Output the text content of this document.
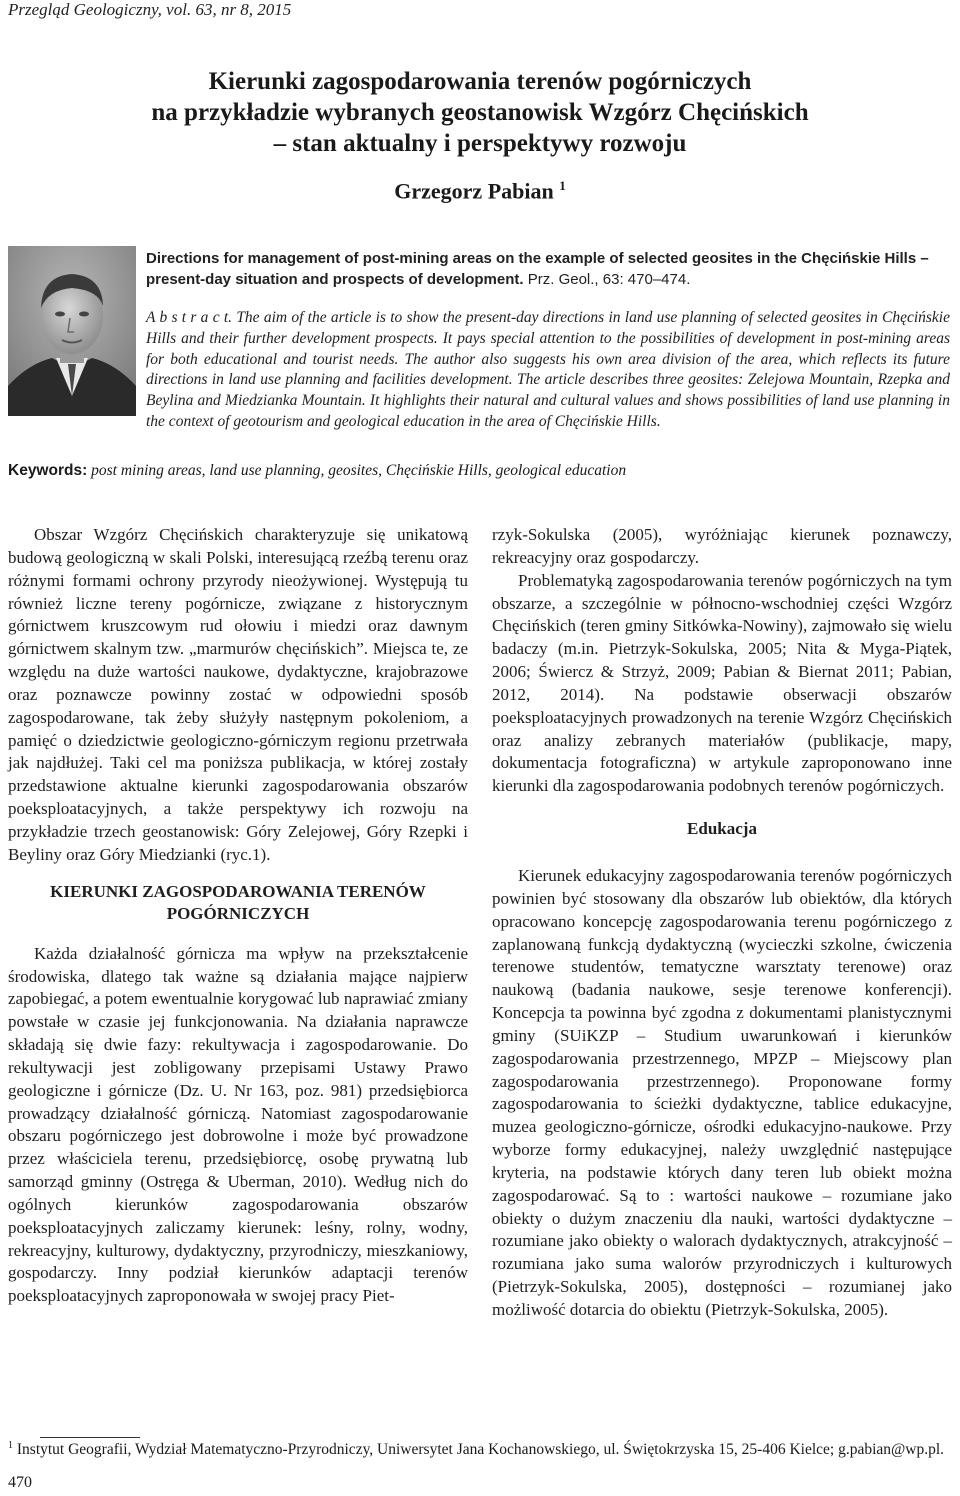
Przegląd Geologiczny, vol. 63, nr 8, 2015
Kierunki zagospodarowania terenów pogórniczych
na przykładzie wybranych geostanowisk Wzgórz Chęcińskich
– stan aktualny i perspektywy rozwoju
Grzegorz Pabian $^1$
Directions for management of post-mining areas on the example of selected geosites in the Chęcińskie Hills – present-day situation and prospects of development. Prz. Geol., 63: 470–474.
A b s t r a c t. The aim of the article is to show the present-day directions in land use planning of selected geosites in Chęcińskie Hills and their further development prospects. It pays special attention to the possibilities of development in post-mining areas for both educational and tourist needs. The author also suggests his own area division of the area, which reflects its future directions in land use planning and facilities development. The article describes three geosites: Zelejowa Mountain, Rzepka and Beylina and Miedzianka Mountain. It highlights their natural and cultural values and shows possibilities of land use planning in the context of geotourism and geological education in the area of Chęcińskie Hills.
Keywords: post mining areas, land use planning, geosites, Chęcińskie Hills, geological education

Obszar Wzgórz Chęcińskich charakteryzuje się unikatową budową geologiczną w skali Polski, interesującą rzeźbą terenu oraz różnymi formami ochrony przyrody nieożywionej. Występują tu również liczne tereny pogórnicze, związane z historycznym górnictwem kruszcowym rud ołowiu i miedzi oraz dawnym górnictwem skalnym tzw. „marmurów chęcińskich”. Miejsca te, ze względu na duże wartości naukowe, dydaktyczne, krajobrazowe oraz poznawcze powinny zostać w odpowiedni sposób zagospodarowane, tak żeby służyły następnym pokoleniom, a pamięć o dziedzictwie geologiczno-górniczym regionu przetrwała jak najdłużej. Taki cel ma poniższa publikacja, w której zostały przedstawione aktualne kierunki zagospodarowania obszarów poeksploatacyjnych, a także perspektywy ich rozwoju na przykładzie trzech geostanowisk: Góry Zelejowej, Góry Rzepki i Beyliny oraz Góry Miedzianki (ryc.1).

KIERUNKI ZAGOSPODAROWANIA TERENÓW
POGÓRNICZYCH

Każda działalność górnicza ma wpływ na przekształcenie środowiska, dlatego tak ważne są działania mające najpierw zapobiegać, a potem ewentualnie korygować lub naprawiać zmiany powstałe w czasie jej funkcjonowania. Na działania naprawcze składają się dwie fazy: rekultywacja i zagospodarowanie. Do rekultywacji jest zobligowany przepisami Ustawy Prawo geologiczne i górnicze (Dz. U. Nr 163, poz. 981) przedsiębiorca prowadzący działalność górniczą. Natomiast zagospodarowanie obszaru pogórniczego jest dobrowolne i może być prowadzone przez właściciela terenu, przedsiębiorcę, osobę prywatną lub samorząd gminny (Ostręga & Uberman, 2010). Według nich do ogólnych kierunków zagospodarowania obszarów poeksploatacyjnych zaliczamy kierunek: leśny, rolny, wodny, rekreacyjny, kulturowy, dydaktyczny, przyrodniczy, mieszkaniowy, gospodarczy. Inny podział kierunków adaptacji terenów poeksploatacyjnych zaproponowała w swojej pracy Piet-

rzyk-Sokulska (2005), wyróżniając kierunek poznawczy, rekreacyjny oraz gospodarczy.

Problematyką zagospodarowania terenów pogórniczych na tym obszarze, a szczególnie w północno-wschodniej części Wzgórz Chęcińskich (teren gminy Sitkówka-Nowiny), zajmowało się wielu badaczy (m.in. Pietrzyk-Sokulska, 2005; Nita & Myga-Piątek, 2006; Świercz & Strzyż, 2009; Pabian & Biernat 2011; Pabian, 2012, 2014). Na podstawie obserwacji obszarów poeksploatacyjnych prowadzonych na terenie Wzgórz Chęcińskich oraz analizy zebranych materiałów (publikacje, mapy, dokumentacja fotograficzna) w artykule zaproponowano inne kierunki dla zagospodarowania podobnych terenów pogórniczych.

Edukacja

Kierunek edukacyjny zagospodarowania terenów pogórniczych powinien być stosowany dla obszarów lub obiektów, dla których opracowano koncepcję zagospodarowania terenu pogórniczego z zaplanowaną funkcją dydaktyczną (wycieczki szkolne, ćwiczenia terenowe studentów, tematyczne warsztaty terenowe) oraz naukową (badania naukowe, sesje terenowe konferencji). Koncepcja ta powinna być zgodna z dokumentami planistycznymi gminy (SUiKZP – Studium uwarunkowań i kierunków zagospodarowania przestrzennego, MPZP – Miejscowy plan zagospodarowania przestrzennego). Proponowane formy zagospodarowania to ścieżki dydaktyczne, tablice edukacyjne, muzea geologiczno-górnicze, ośrodki edukacyjno-naukowe. Przy wyborze formy edukacyjnej, należy uwzględnić następujące kryteria, na podstawie których dany teren lub obiekt można zagospodarować. Są to : wartości naukowe – rozumiane jako obiekty o dużym znaczeniu dla nauki, wartości dydaktyczne – rozumiane jako obiekty o walorach dydaktycznych, atrakcyjność – rozumiana jako suma walorów przyrodniczych i kulturowych (Pietrzyk-Sokulska, 2005), dostępności – rozumianej jako możliwość dotarcia do obiektu (Pietrzyk-Sokulska, 2005).

$^1$ Instytut Geografii, Wydział Matematyczno-Przyrodniczy, Uniwersytet Jana Kochanowskiego, ul. Świętokrzyska 15, 25-406 Kielce; g.pabian@wp.pl.
470
